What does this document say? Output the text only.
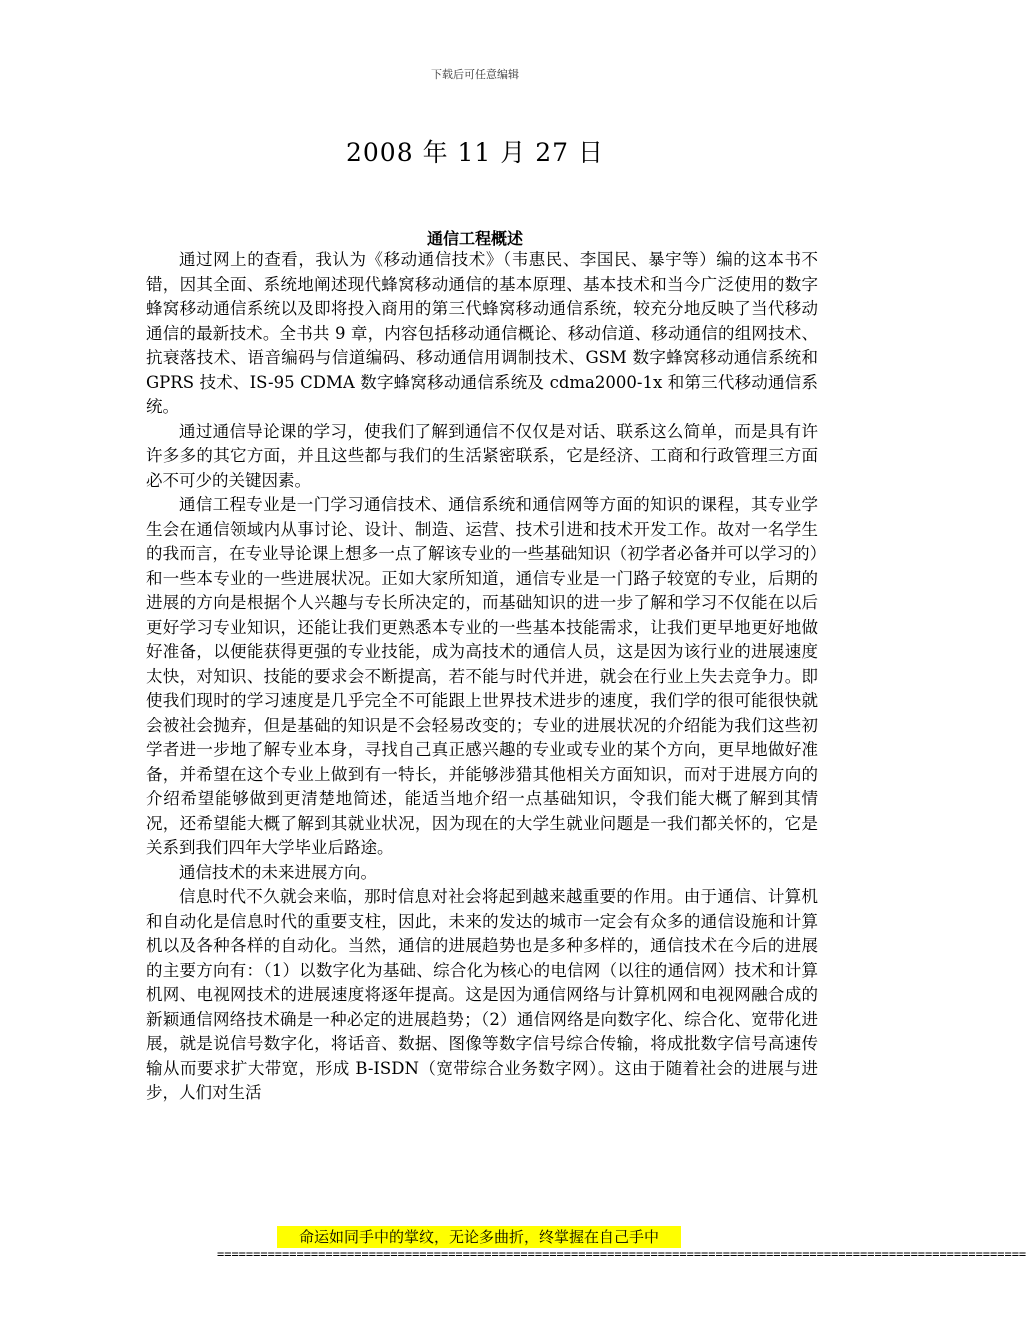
下载后可任意编辑
2008 年 11 月 27 日
通信工程概述

通过网上的查看，我认为《移动通信技术》（韦惠民、李国民、暴宇等）编的这本书不错，因其全面、系统地阐述现代蜂窝移动通信的基本原理、基本技术和当今广泛使用的数字蜂窝移动通信系统以及即将投入商用的第三代蜂窝移动通信系统，较充分地反映了当代移动通信的最新技术。全书共 9 章，内容包括移动通信概论、移动信道、移动通信的组网技术、抗衰落技术、语音编码与信道编码、移动通信用调制技术、GSM 数字蜂窝移动通信系统和 GPRS 技术、IS-95 CDMA 数字蜂窝移动通信系统及 cdma2000-1x 和第三代移动通信系统。

通过通信导论课的学习，使我们了解到通信不仅仅是对话、联系这么简单，而是具有许许多多的其它方面，并且这些都与我们的生活紧密联系，它是经济、工商和行政管理三方面必不可少的关键因素。

通信工程专业是一门学习通信技术、通信系统和通信网等方面的知识的课程，其专业学生会在通信领域内从事讨论、设计、制造、运营、技术引进和技术开发工作。故对一名学生的我而言，在专业导论课上想多一点了解该专业的一些基础知识（初学者必备并可以学习的）和一些本专业的一些进展状况。正如大家所知道，通信专业是一门路子较宽的专业，后期的进展的方向是根据个人兴趣与专长所决定的，而基础知识的进一步了解和学习不仅能在以后更好学习专业知识，还能让我们更熟悉本专业的一些基本技能需求，让我们更早地更好地做好准备，以便能获得更强的专业技能，成为高技术的通信人员，这是因为该行业的进展速度太快，对知识、技能的要求会不断提高，若不能与时代并进，就会在行业上失去竞争力。即使我们现时的学习速度是几乎完全不可能跟上世界技术进步的速度，我们学的很可能很快就会被社会抛弃，但是基础的知识是不会轻易改变的；专业的进展状况的介绍能为我们这些初学者进一步地了解专业本身，寻找自己真正感兴趣的专业或专业的某个方向，更早地做好准备，并希望在这个专业上做到有一特长，并能够涉猎其他相关方面知识，而对于进展方向的介绍希望能够做到更清楚地简述，能适当地介绍一点基础知识，令我们能大概了解到其情况，还希望能大概了解到其就业状况，因为现在的大学生就业问题是一我们都关怀的，它是关系到我们四年大学毕业后路途。

通信技术的未来进展方向。

信息时代不久就会来临，那时信息对社会将起到越来越重要的作用。由于通信、计算机和自动化是信息时代的重要支柱，因此，未来的发达的城市一定会有众多的通信设施和计算机以及各种各样的自动化。当然，通信的进展趋势也是多种多样的，通信技术在今后的进展的主要方向有：（1）以数字化为基础、综合化为核心的电信网（以往的通信网）技术和计算机网、电视网技术的进展速度将逐年提高。这是因为通信网络与计算机网和电视网融合成的新颖通信网络技术确是一种必定的进展趋势；（2）通信网络是向数字化、综合化、宽带化进展，就是说信号数字化，将话音、数据、图像等数字信号综合传输，将成批数字信号高速传输从而要求扩大带宽，形成 B-ISDN（宽带综合业务数字网）。这由于随着社会的进展与进步，人们对生活

命运如同手中的掌纹，无论多曲折，终掌握在自己手中
================================================================================================================
